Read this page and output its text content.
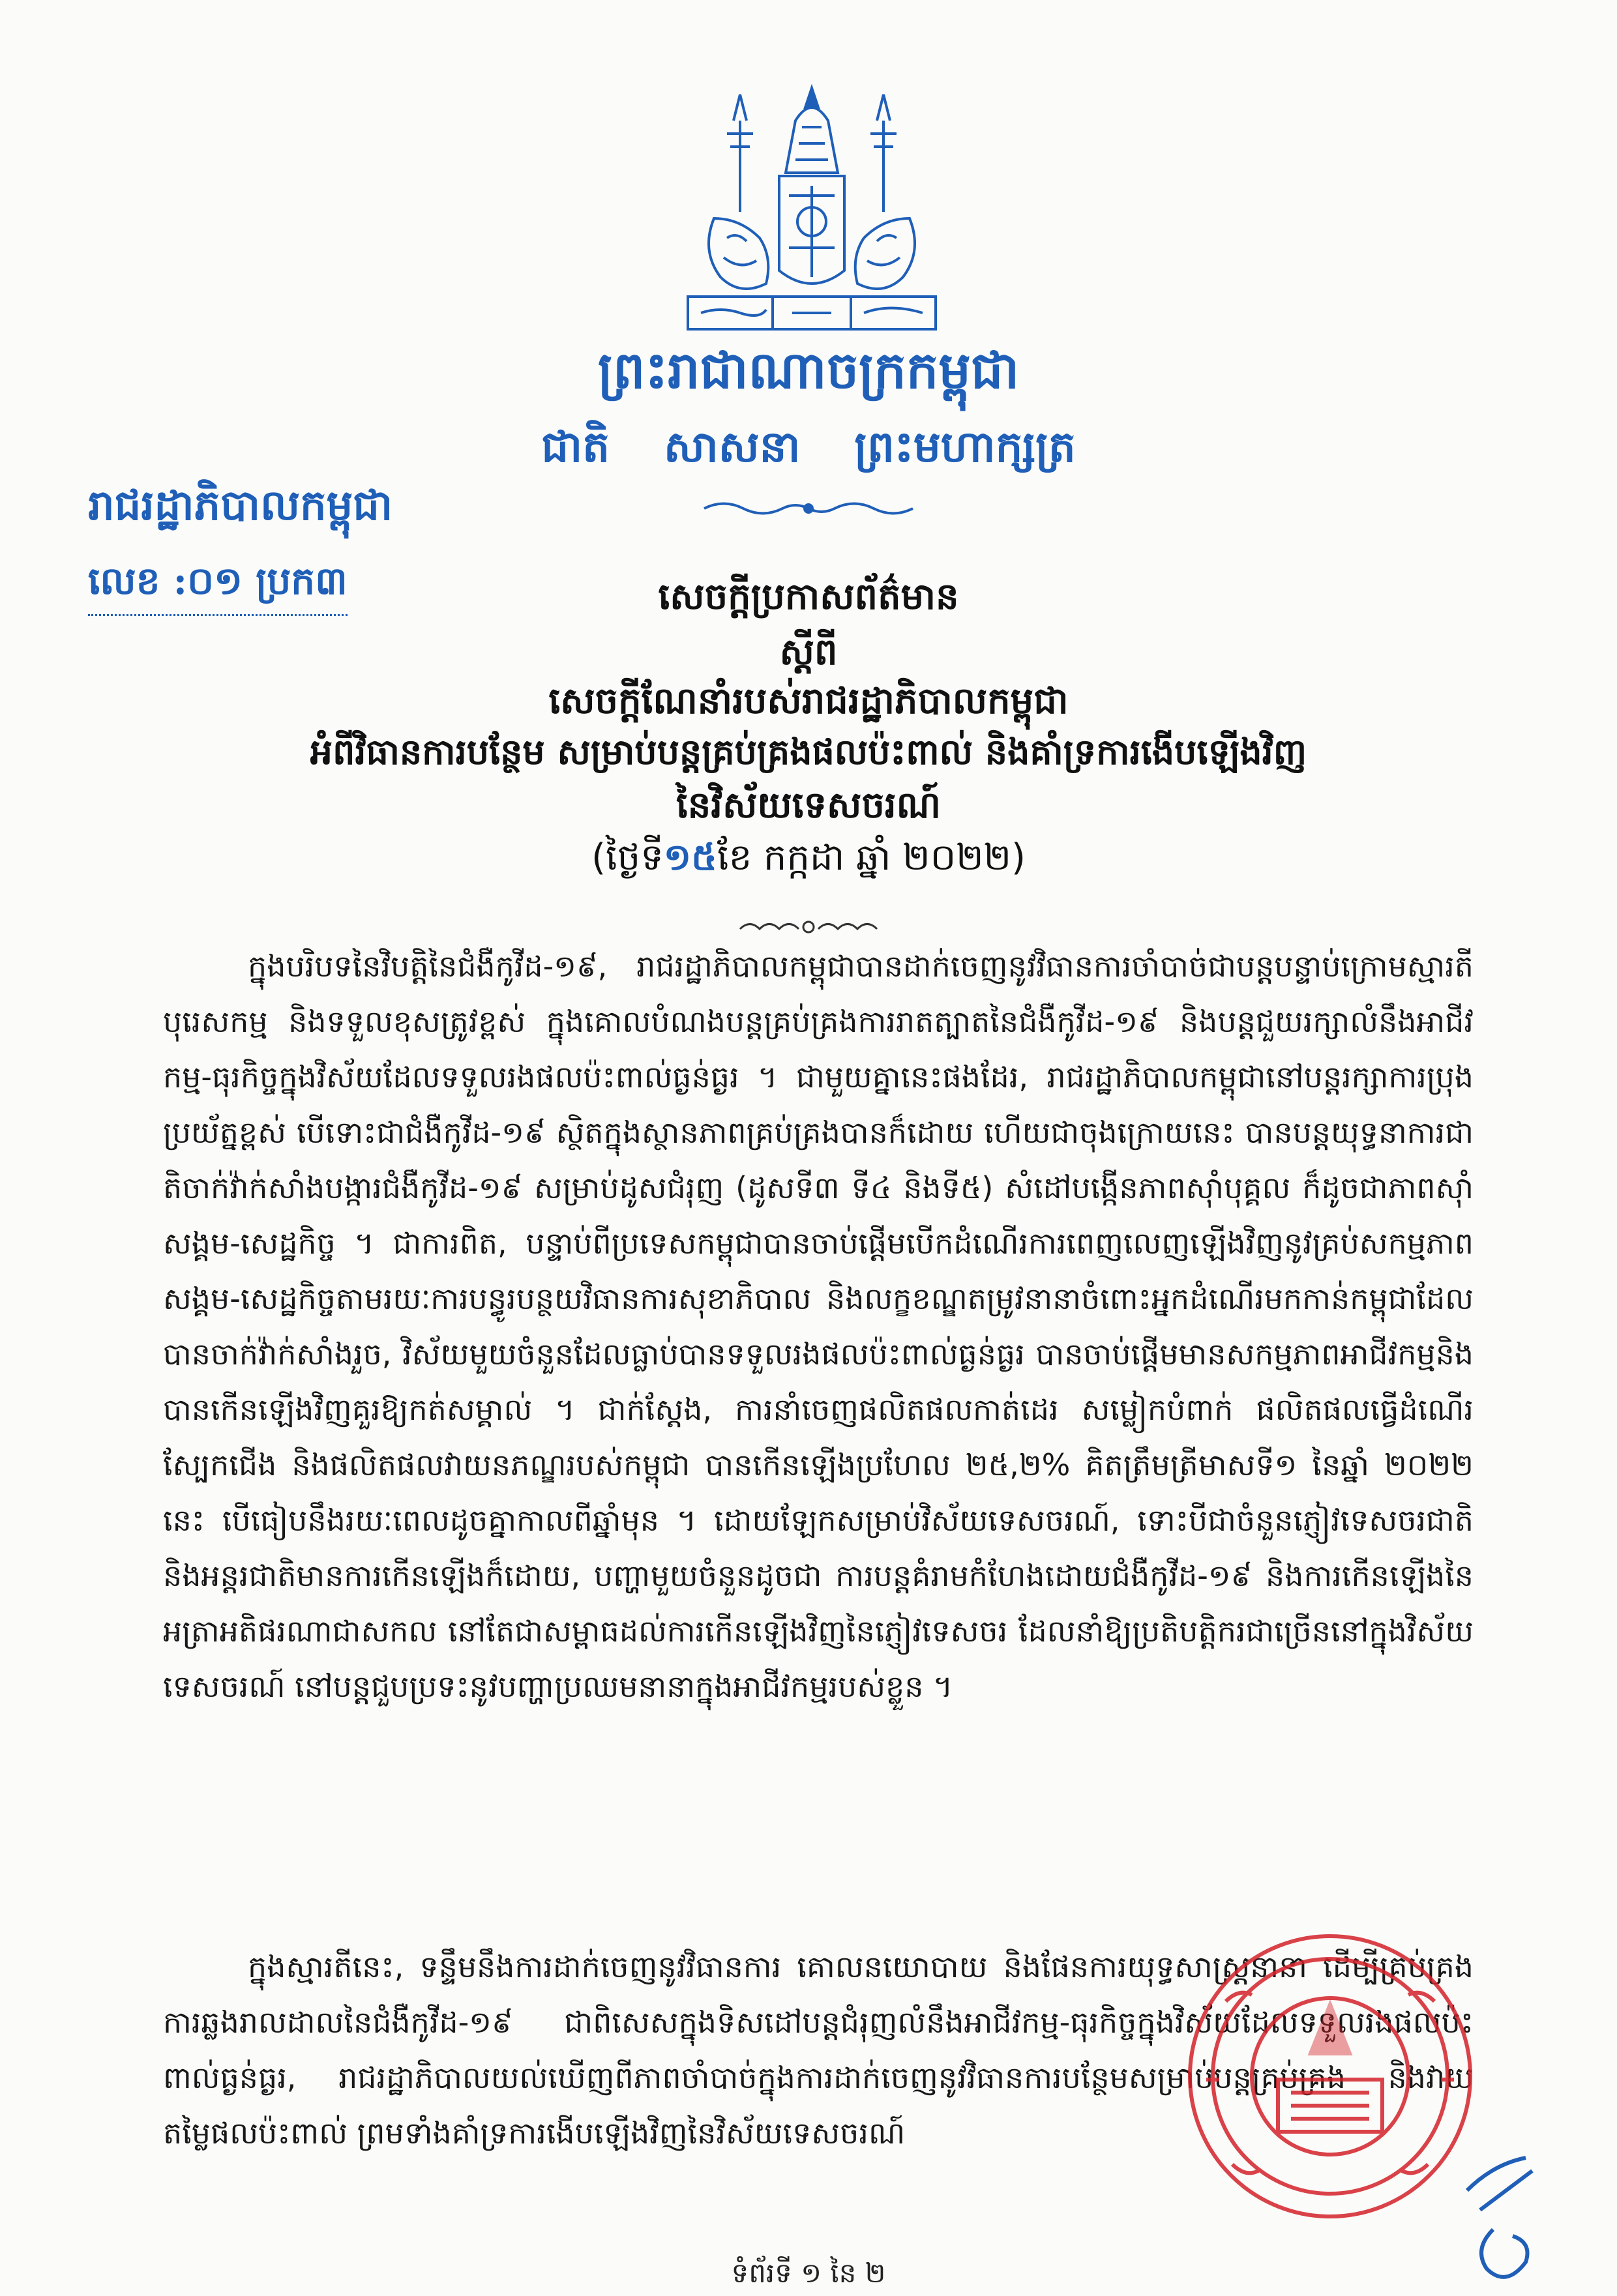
ព្រះរាជាណាចក្រកម្ពុជា
ជាតិ សាសនា ព្រះមហាក្សត្រ
រាជរដ្ឋាភិបាលកម្ពុជា
លេខ :០១ ប្រក៣	សេចក្តីប្រកាសព័ត៌មាន
ស្តីពី
សេចក្តីណែនាំរបស់រាជរដ្ឋាភិបាលកម្ពុជា
អំពីវិធានការបន្ថែម សម្រាប់បន្តគ្រប់គ្រងផលប៉ះពាល់ និងគាំទ្រការងើបឡើងវិញ
នៃវិស័យទេសចរណ៍
(ថ្ងៃទី១៥ខែ កក្កដា ឆ្នាំ ២០២២)
ក្នុងបរិបទនៃវិបត្តិនៃជំងឺកូវីដ-១៩, រាជរដ្ឋាភិបាលកម្ពុជាបានដាក់ចេញនូវវិធានការចាំបាច់ជាបន្តបន្ទាប់ក្រោមស្មារតីបុរេសកម្ម និងទទួលខុសត្រូវខ្ពស់ ក្នុងគោលបំណងបន្តគ្រប់គ្រងការរាតត្បាតនៃជំងឺកូវីដ-១៩ និងបន្តជួយរក្សាលំនឹងអាជីវកម្ម-ធុរកិច្ចក្នុងវិស័យដែលទទួលរងផលប៉ះពាល់ធ្ងន់ធ្ងរ ។ ជាមួយគ្នានេះផងដែរ, រាជរដ្ឋាភិបាលកម្ពុជានៅបន្តរក្សាការប្រុងប្រយ័ត្នខ្ពស់ បើទោះជាជំងឺកូវីដ-១៩ ស្ថិតក្នុងស្ថានភាពគ្រប់គ្រងបានក៏ដោយ ហើយជាចុងក្រោយនេះ បានបន្តយុទ្ធនាការជាតិចាក់វ៉ាក់សាំងបង្ការជំងឺកូវីដ-១៩ សម្រាប់ដូសជំរុញ (ដូសទី៣ ទី៤ និងទី៥) សំដៅបង្កើនភាពស៊ាំបុគ្គល ក៏ដូចជាភាពស៊ាំសង្គម-សេដ្ឋកិច្ច ។ ជាការពិត, បន្ទាប់ពីប្រទេសកម្ពុជាបានចាប់ផ្តើមបើកដំណើរការពេញលេញឡើងវិញនូវគ្រប់សកម្មភាពសង្គម-សេដ្ឋកិច្ចតាមរយៈការបន្ធូរបន្ថយវិធានការសុខាភិបាល និងលក្ខខណ្ឌតម្រូវនានាចំពោះអ្នកដំណើរមកកាន់កម្ពុជាដែលបានចាក់វ៉ាក់សាំងរួច, វិស័យមួយចំនួនដែលធ្លាប់បានទទួលរងផលប៉ះពាល់ធ្ងន់ធ្ងរ បានចាប់ផ្តើមមានសកម្មភាពអាជីវកម្មនិងបានកើនឡើងវិញគួរឱ្យកត់សម្គាល់ ។ ជាក់ស្តែង, ការនាំចេញផលិតផលកាត់ដេរ សម្លៀកបំពាក់ ផលិតផលធ្វើដំណើរ ស្បែកជើង និងផលិតផលវាយនភណ្ឌរបស់កម្ពុជា បានកើនឡើងប្រហែល ២៥,២% គិតត្រឹមត្រីមាសទី១ នៃឆ្នាំ ២០២២ នេះ បើធៀបនឹងរយៈពេលដូចគ្នាកាលពីឆ្នាំមុន ។ ដោយឡែកសម្រាប់វិស័យទេសចរណ៍, ទោះបីជាចំនួនភ្ញៀវទេសចរជាតិនិងអន្តរជាតិមានការកើនឡើងក៏ដោយ, បញ្ហាមួយចំនួនដូចជា ការបន្តគំរាមកំហែងដោយជំងឺកូវីដ-១៩ និងការកើនឡើងនៃអត្រាអតិផរណាជាសកល នៅតែជាសម្ពាធដល់ការកើនឡើងវិញនៃភ្ញៀវទេសចរ ដែលនាំឱ្យប្រតិបត្តិករជាច្រើននៅក្នុងវិស័យទេសចរណ៍ នៅបន្តជួបប្រទះនូវបញ្ហាប្រឈមនានាក្នុងអាជីវកម្មរបស់ខ្លួន ។
ក្នុងស្មារតីនេះ, ទន្ទឹមនឹងការដាក់ចេញនូវវិធានការ គោលនយោបាយ និងផែនការយុទ្ធសាស្ត្រនានា ដើម្បីគ្រប់គ្រងការឆ្លងរាលដាលនៃជំងឺកូវីដ-១៩ ជាពិសេសក្នុងទិសដៅបន្តជំរុញលំនឹងអាជីវកម្ម-ធុរកិច្ចក្នុងវិស័យដែលទទួលរងផលប៉ះពាល់ធ្ងន់ធ្ងរ, រាជរដ្ឋាភិបាលយល់ឃើញពីភាពចាំបាច់ក្នុងការដាក់ចេញនូវវិធានការបន្ថែមសម្រាប់បន្តគ្រប់គ្រង និងវាយតម្លៃផលប៉ះពាល់ ព្រមទាំងគាំទ្រការងើបឡើងវិញនៃវិស័យទេសចរណ៍
ទំព័រទី ១ នៃ ២
